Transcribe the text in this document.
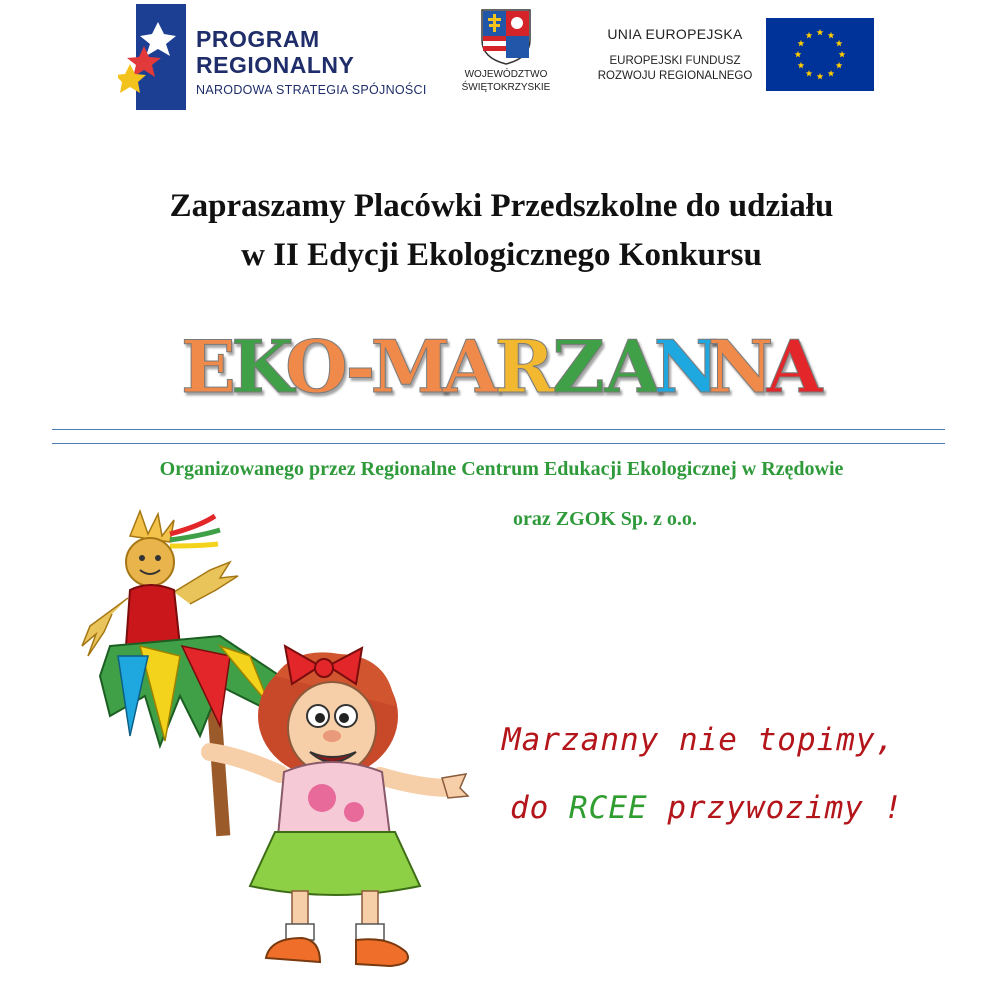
PROGRAM
REGIONALNY
NARODOWA STRATEGIA SPÓJNOŚCI
WOJEWÓDZTWO
ŚWIĘTOKRZYSKIE
UNIA EUROPEJSKA
EUROPEJSKI FUNDUSZ
ROZWOJU REGIONALNEGO
Zapraszamy Placówki Przedszkolne do udziału
w II Edycji Ekologicznego Konkursu
E
K
O
-
M
A
R
Z A
N
N
A
Organizowanego przez Regionalne Centrum Edukacji Ekologicznej w Rzędowie
oraz ZGOK Sp. z o.o.
Marzanny nie topimy,
do RCEE przywozimy !
